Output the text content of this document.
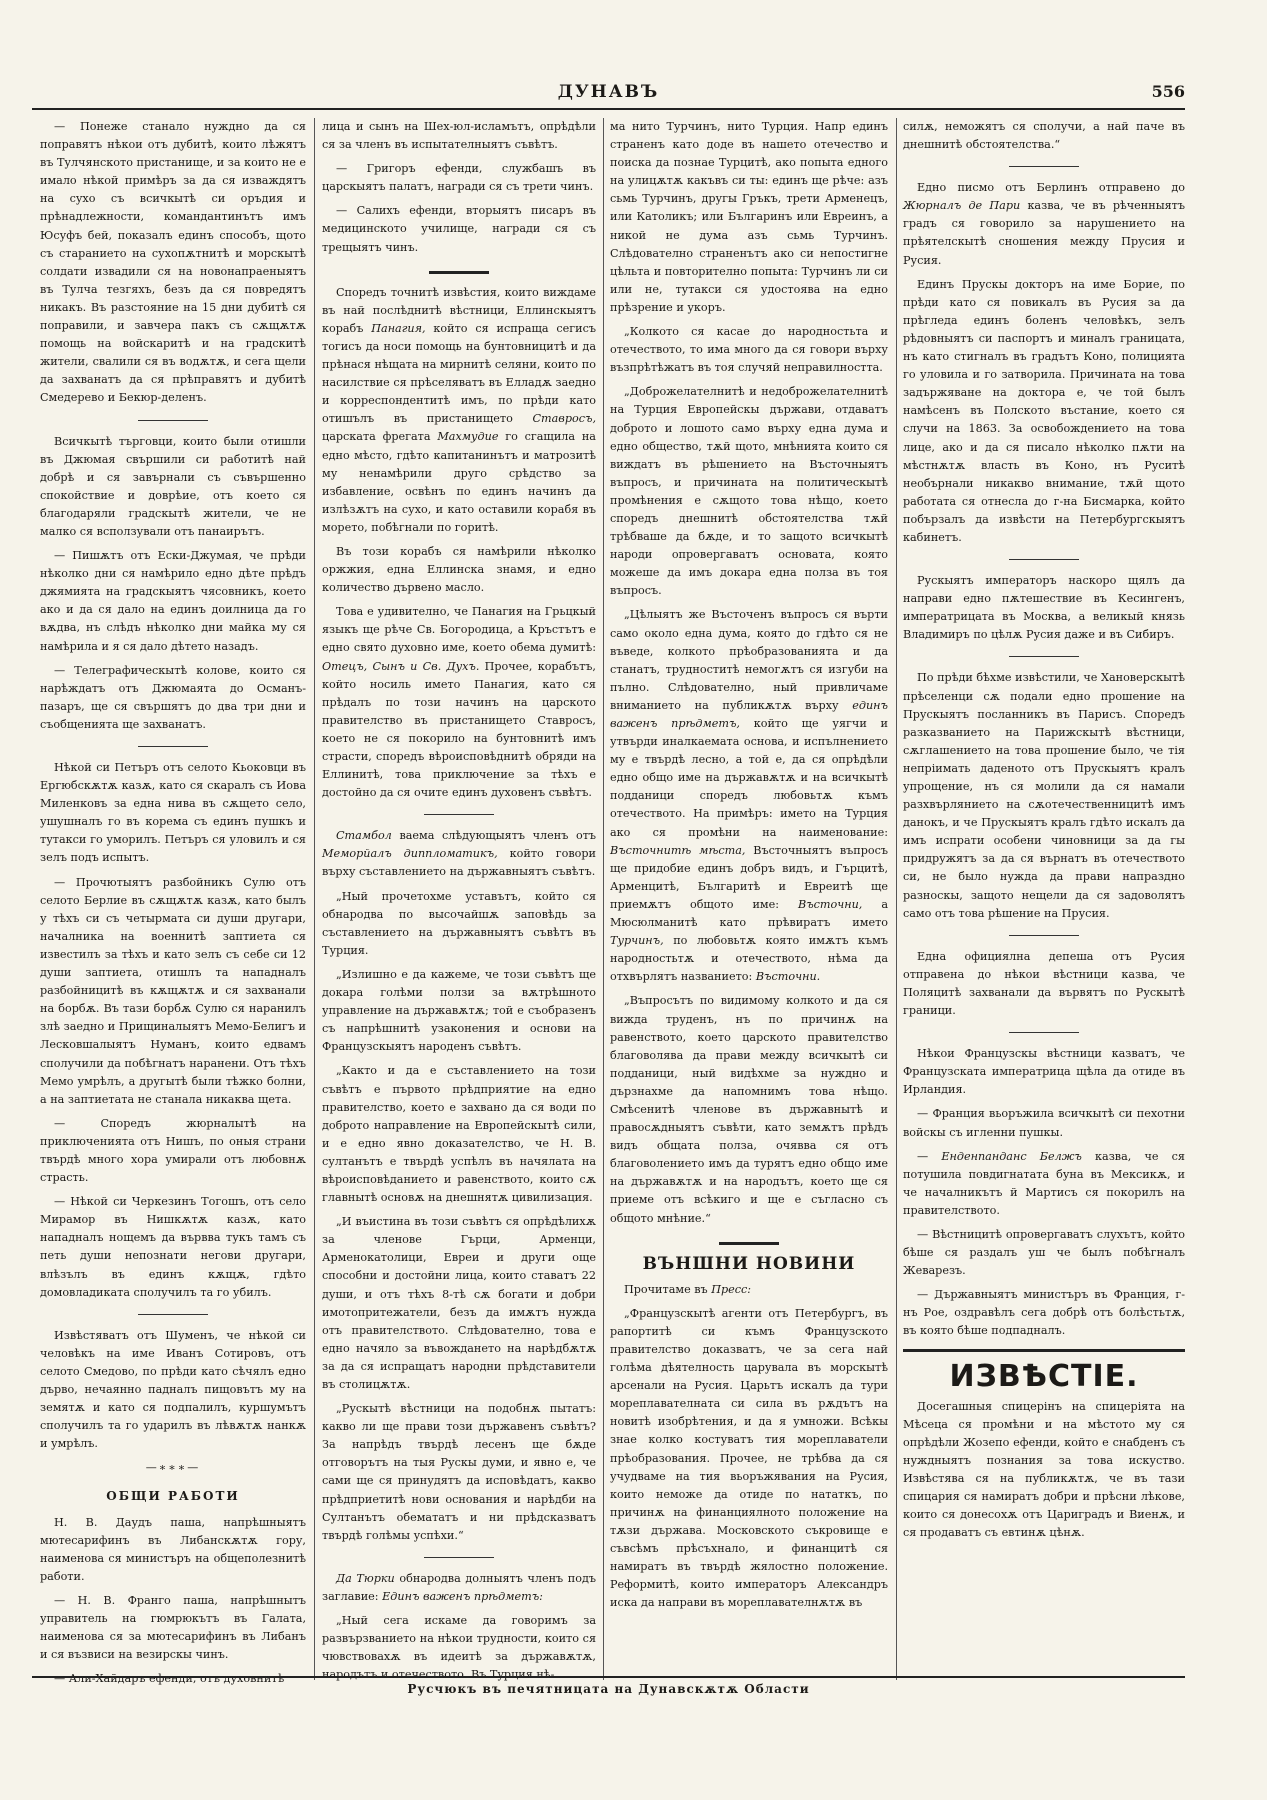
ДУНАВЪ	556

— Понеже станало нужднo да ся поправятъ нѣкои отъ дубитѣ, които лѣжятъ въ Тулчянското пристанище, и за които не е имало нѣкой примѣръ за да ся изваждятъ на сухо съ всичкытѣ си оръдия и прѣнадлежности, командантинътъ имъ Юсуфъ бей, показалъ единъ способъ, щото съ старанието на сухопѫтнитѣ и морскытѣ солдати извадили ся на новонапраеныятъ въ Тулча тезгяхъ, безъ да ся повредятъ никакъ. Въ разстояние на 15 дни дубитѣ ся поправили, и завчера пакъ съ сѫщѫтѫ помощь на войскаритѣ и на градскитѣ жители, свалили ся въ водѫтѫ, и сега щели да захванатъ да ся прѣправятъ и дубитѣ Смедерево и Бекюр-деленъ.

Всичкытѣ търговци, които были отишли въ Джюмая свършили си работитѣ най добрѣ и ся завърнали съ съвършенно спокойствие и доврѣие, отъ което ся благодаряли градскытѣ жители, че не малко ся всползували отъ панаирътъ.

— Пишѫтъ отъ Ески-Джумая, че прѣди нѣколко дни ся намѣрило едно дѣте прѣдъ джямията на градскыятъ чясовникъ, което ако и да ся дало на единъ доилница да го вѫдва, нъ слѣдъ нѣколко дни майка му ся намѣрила и я ся дало дѣтето назадъ.

— Телеграфическытѣ колове, които ся нарѣждатъ отъ Джюмаята до Османъ-пазаръ, ще ся свършятъ до два три дни и съобщенията ще захванатъ.

Нѣкой си Петъръ отъ селото Кьоковци въ Ергюбскѫтѫ казѫ, като ся скаралъ съ Иова Миленковъ за една нива въ сѫщето село, ушушналъ го въ корема съ единъ пушкъ и тутакси го уморилъ. Петъръ ся уловилъ и ся зелъ подъ испытъ.

— Прочютыятъ разбойникъ Сулю отъ селото Берлие въ сѫщѫтѫ казѫ, като былъ у тѣхъ си съ четырмата си души другари, началника на военнитѣ заптиета ся известилъ за тѣхъ и като зелъ съ себе си 12 души заптиета, отишлъ та нападналъ разбойницитѣ въ кѫщѫтѫ и ся захванали на борбѫ. Въ тази борбѫ Сулю ся наранилъ злѣ заедно и Прищиналыятъ Мемо-Белигъ и Лесковшалыятъ Нуманъ, които едвамъ сполучили да побѣгнатъ наранени. Отъ тѣхъ Мемо умрѣлъ, а другытѣ были тѣжко болни, а на заптиетата не станала никаква щета.

— Споредъ жюрналытѣ на приключенията отъ Нишъ, по оныя страни твърдѣ много хора умирали отъ любовнѫ страсть.

— Нѣкой си Черкезинъ Тогошъ, отъ село Мирамор въ Нишкѫтѫ казѫ, като нападналъ нощемъ да вървва тукъ тамъ съ петь души непознати негови другари, влѣзълъ въ единъ кѫщѫ, гдѣто домовладиката сполучилъ та го убилъ.

Извѣстяватъ отъ Шуменъ, че нѣкой си человѣкъ на име Иванъ Сотировъ, отъ селото Смедово, по прѣди като сѣчялъ едно дърво, нечаянно падналъ пищовътъ му на земятѫ и като ся подпалилъ, куршумътъ сполучилъ та го ударилъ въ лѣвѫтѫ нанкѫ и умрѣлъ.

—∗∗∗—
ОБЩИ РАБОТИ

Н. В. Даудъ паша, напрѣшныятъ мютесарифинъ въ Либанскѫтѫ гору, наименова ся министъръ на общеполезнитѣ работи.

— Н. В. Франго паша, напрѣшнытъ управитель на гюмрюкътъ въ Галата, наименова ся за мютесарифинъ въ Либанъ и ся възвиси на везирскы чинъ.

— Али-Хайдаръ ефенди, отъ духовнитѣ

лица и сынъ на Шех-юл-исламътъ, опрѣдѣли ся за членъ въ испытателныятъ съвѣтъ.

— Григоръ ефенди, службашъ въ царскыятъ палатъ, награди ся съ трети чинъ.

— Салихъ ефенди, вторыятъ писаръ въ медицинското училище, награди ся съ трещыятъ чинъ.

Споредъ точнитѣ извѣстия, които виждаме въ най послѣднитѣ вѣстници, Еллинскыятъ корабъ Панагия, който ся испраща сегисъ тогисъ да носи помощь на бунтовницитѣ и да прѣнася нѣщата на мирнитѣ селяни, които по насилствие ся прѣселяватъ въ Елладѫ заедно и корреспондентитѣ имъ, по прѣди като отишълъ въ пристанището Ставросъ, царската фрегата Махмудие го сгащила на едно мѣсто, гдѣто капитанинътъ и матрозитѣ му ненамѣрили друго срѣдство за избавление, освѣнъ по единъ начинъ да излѣзѫтъ на сухо, и като оставили корабя въ морето, побѣгнали по горитѣ.

Въ този корабъ ся намѣрили нѣколко оржжия, една Еллинска знамя, и едно количество дървено масло.

Това е удивително, че Панагия на Грьцкый языкъ ще рѣче Св. Богородица, а Кръстътъ е едно свято духовно име, което обема думитѣ: Отецъ, Сынъ и Св. Духъ. Прочее, корабътъ, който носиль името Панагия, като ся прѣдалъ по този начинъ на царското правителство въ пристанището Ставросъ, което не ся покорило на бунтовнитѣ имъ страсти, споредъ вѣроисповѣднитѣ обряди на Еллинитѣ, това приключение за тѣхъ е достойно да ся очите единъ духовенъ съвѣтъ.

Стамбол ваема слѣдующыятъ членъ отъ Меморйалъ диппломатикъ, който говори върху съставлението на държавныятъ съвѣтъ.

„Ный прочетохме уставътъ, който ся обнародва по высочайшѫ заповѣдь за съставлението на държавныятъ съвѣтъ въ Турция.

„Излишно е да кажеме, че този съвѣтъ ще докара голѣми ползи за вѫтрѣшното управление на държавѫтѫ; той е съобразенъ съ напрѣшнитѣ узаконения и основи на Французскыятъ народенъ съвѣтъ.

„Както и да е съставлението на този съвѣтъ е първото прѣдприятие на едно правителство, което е захвано да ся води по доброто направление на Европейскытѣ сили, и е едно явно доказателство, че Н. В. султанътъ е твърдѣ успѣлъ въ начялата на вѣроисповѣданието и равенството, които сѫ главнытѣ основѫ на днешнятѫ цивилизация.

„И въистина въ този съвѣтъ ся опрѣдѣлихѫ за членове Гърци, Арменци, Арменокатолици, Евреи и други още способни и достойни лица, които ставатъ 22 души, и отъ тѣхъ 8-тѣ сѫ богати и добри имотопритежатели, безъ да имѫтъ нужда отъ правителството. Слѣдователно, това е едно начяло за въвождането на нарѣдбѫтѫ за да ся испращатъ народни прѣдставители въ столицѫтѫ.

„Рускытѣ вѣстници на подобнѫ пытатъ: какво ли ще прави този държавенъ съвѣтъ? За напрѣдъ твърдѣ лесенъ ще бѫде отговорътъ на тыя Рускы думи, и явно е, че сами ще ся принудятъ да исповѣдатъ, какво прѣдприетитѣ нови основания и нарѣдби на Султанътъ обемататъ и ни прѣдсказватъ твърдѣ голѣмы успѣхи.“

Да Тюрки обнародва долныятъ членъ подъ заглавие: Единъ важенъ прѣдметъ:

„Ный сега искаме да говоримъ за развързванието на нѣкои трудности, които ся чювствовахѫ въ идеитѣ за държавѫтѫ, народътъ и отечеството. Въ Турция нѣ-

ма нито Турчинъ, нито Турция. Напр единъ страненъ като доде въ нашето отечество и поиска да познае Турцитѣ, ако попыта едного на улицѫтѫ какъвъ си ты: единъ ще рѣче: азъ сьмь Турчинъ, другы Гръкъ, трети Арменецъ, или Католикъ; или Българинъ или Евреинъ, а никой не дума азъ сьмь Турчинъ. Слѣдователно страненътъ ако си непостигне цѣльта и повторително попыта: Турчинъ ли си или не, тутакси ся удостоява на едно прѣзрение и укоръ.

„Колкото ся касае до народностьта и отечеството, то има много да ся говори върху възпрѣтѣжатъ въ тоя случяй неправилността.

„Доброжелателнитѣ и недоброжелателнитѣ на Турция Европейскы държави, отдаватъ доброто и лошото само върху една дума и едно общество, тѫй щото, мнѣнията които ся виждатъ въ рѣшението на Въсточныятъ въпросъ, и причината на политическытѣ промѣнения е сѫщото това нѣщо, което споредъ днешнитѣ обстоятелства тѫй трѣбваше да бѫде, и то защото всичкытѣ народи опровергаватъ основата, която можеше да имъ докара една полза въ тоя въпросъ.

„Цѣлыятъ же Въсточенъ въпросъ ся върти само около една дума, която до гдѣто ся не въведе, колкото прѣобразованията и да станатъ, трудноститѣ немогѫтъ ся изгуби на пълно. Слѣдователно, ный привличаме вниманието на публикѫтѫ върху единъ важенъ прѣдметъ, който ще уягчи и утвърди иналкаемата основа, и испълнението му е твърдѣ лесно, а той е, да ся опрѣдѣли едно общо име на държавѫтѫ и на всичкытѣ подданици споредъ любовьтѫ къмъ отечеството. На примѣръ: името на Турция ако ся промѣни на наименование: Въсточнитѣ мѣста, Въсточныятъ въпросъ ще придобие единъ добръ видъ, и Гърцитѣ, Арменцитѣ, Българитѣ и Евреитѣ ще приемѫтъ общото име: Въсточни, а Мюсюлманитѣ като прѣвиратъ името Турчинъ, по любовьтѫ която имѫтъ къмъ народностьтѫ и отечеството, нѣма да отхвърлятъ названието: Въсточни.

„Въпросътъ по видимому колкото и да ся вижда труденъ, нъ по причинѫ на равенството, което царското правителство благоволява да прави между всичкытѣ си подданици, ный видѣхме за нуждно и дързнахме да напомнимъ това нѣщо. Смѣсенитѣ членове въ държавнытѣ и правосѫдныятъ съвѣти, като земѫтъ прѣдъ видъ общата полза, очявва ся отъ благоволението имъ да турятъ едно общо име на държавѫтѫ и на народътъ, което ще ся приеме отъ всѣкиго и ще е съгласно съ общото мнѣние.“

ВЪНШНИ НОВИНИ

Прочитаме въ Пресс:

„Французскытѣ агенти отъ Петербургъ, въ рапортитѣ си къмъ Французското правителство доказватъ, че за сега най голѣма дѣятелность царувала въ морскытѣ арсенали на Русия. Царьтъ искалъ да тури мореплавателната си сила въ рѫдътъ на новитѣ изобрѣтения, и да я умножи. Всѣкы знае колко костуватъ тия мореплаватели прѣобразования. Прочее, не трѣбва да ся учудваме на тия вьоръжявания на Русия, които неможе да отиде по нататкъ, по причинѫ на финанциялното положение на тѫзи държава. Московското съкровище е съвсѣмъ прѣсъхнало, и финанцитѣ ся намиратъ въ твърдѣ жялостно положение. Реформитѣ, които императоръ Александръ иска да направи въ мореплавателнѫтѫ въ

силѫ, неможятъ ся сполучи, а най паче въ днешнитѣ обстоятелства.“

Едно писмо отъ Берлинъ отправено до Жюрналъ де Пари казва, че въ рѣченныятъ градъ ся говорило за нарушението на прѣятелскытѣ сношения между Прусия и Русия.

Единъ Прускы докторъ на име Борие, по прѣди като ся повикалъ въ Русия за да прѣгледа единъ боленъ человѣкъ, зелъ рѣдовныятъ си паспортъ и миналъ границата, нъ като стигналъ въ градътъ Коно, полицията го уловила и го затворила. Причината на това задържяване на доктора е, че той былъ намѣсенъ въ Полското въстание, което ся случи на 1863. За освобождението на това лице, ако и да ся писало нѣколко пѫти на мѣстнѫтѫ власть въ Коно, нъ Руситѣ необърнали никакво внимание, тѫй щото работата ся отнесла до г-на Бисмарка, който побързалъ да извѣсти на Петербургскыятъ кабинетъ.

Рускыятъ императоръ наскоро щялъ да направи едно пѫтешествие въ Кесингенъ, императрицата въ Москва, а великый князь Владимиръ по цѣлѫ Русия даже и въ Сибиръ.

По прѣди бѣхме извѣстили, че Хановерскытѣ прѣселенци сѫ подали едно прошение на Прускыятъ посланникъ въ Парисъ. Споредъ разказванието на Парижскытѣ вѣстници, сѫглашението на това прошение было, че тiя непрiимать даденото отъ Прускыятъ кралъ упрощение, нъ ся молили да ся намали разхвърлянието на сѫотечественницитѣ имъ данокъ, и че Прускыятъ кралъ гдѣто искалъ да имъ испрати особени чиновници за да гы придружятъ за да ся върнатъ въ отечеството си, не было нужда да прави напраздно разноскы, защото нещели да ся задоволятъ само отъ това рѣшение на Прусия.

Една официялна депеша отъ Русия отправена до нѣкои вѣстници казва, че Поляцитѣ захванали да вървятъ по Рускытѣ граници.

Нѣкои Французскы вѣстници казватъ, че Французската императрица щѣла да отиде въ Ирландия.

— Франция вьоръжила всичкытѣ си пехотни войскы съ игленни пушкы.

— Енденпанданс Белжъ казва, че ся потушила повдигнатата буна въ Мексикѫ, и че началникътъ й Мартисъ ся покорилъ на правителството.

— Вѣстницитѣ опровергаватъ слухътъ, който бѣше ся раздалъ уш че былъ побѣгналъ Жеварезъ.

— Държавныятъ министъръ въ Франция, г-нъ Рое, оздравѣлъ сега добрѣ отъ болѣстьтѫ, въ която бѣше подпадналъ.

ИЗВѢСТІЕ.

Досегашныя спицерiнъ на спицерiята на Мѣсеца ся промѣни и на мѣстото му ся опрѣдѣли Жозепо ефенди, който е снабденъ съ нуждныятъ познания за това искуство. Извѣстява ся на публикѫтѫ, че въ тази спицария ся намиратъ добри и прѣсни лѣкове, които ся донесохѫ отъ Цариградъ и Виенѫ, и ся продаватъ съ евтинѫ цѣнѫ.

Русчюкъ въ печятницата на Дунавскѫтѫ Области
